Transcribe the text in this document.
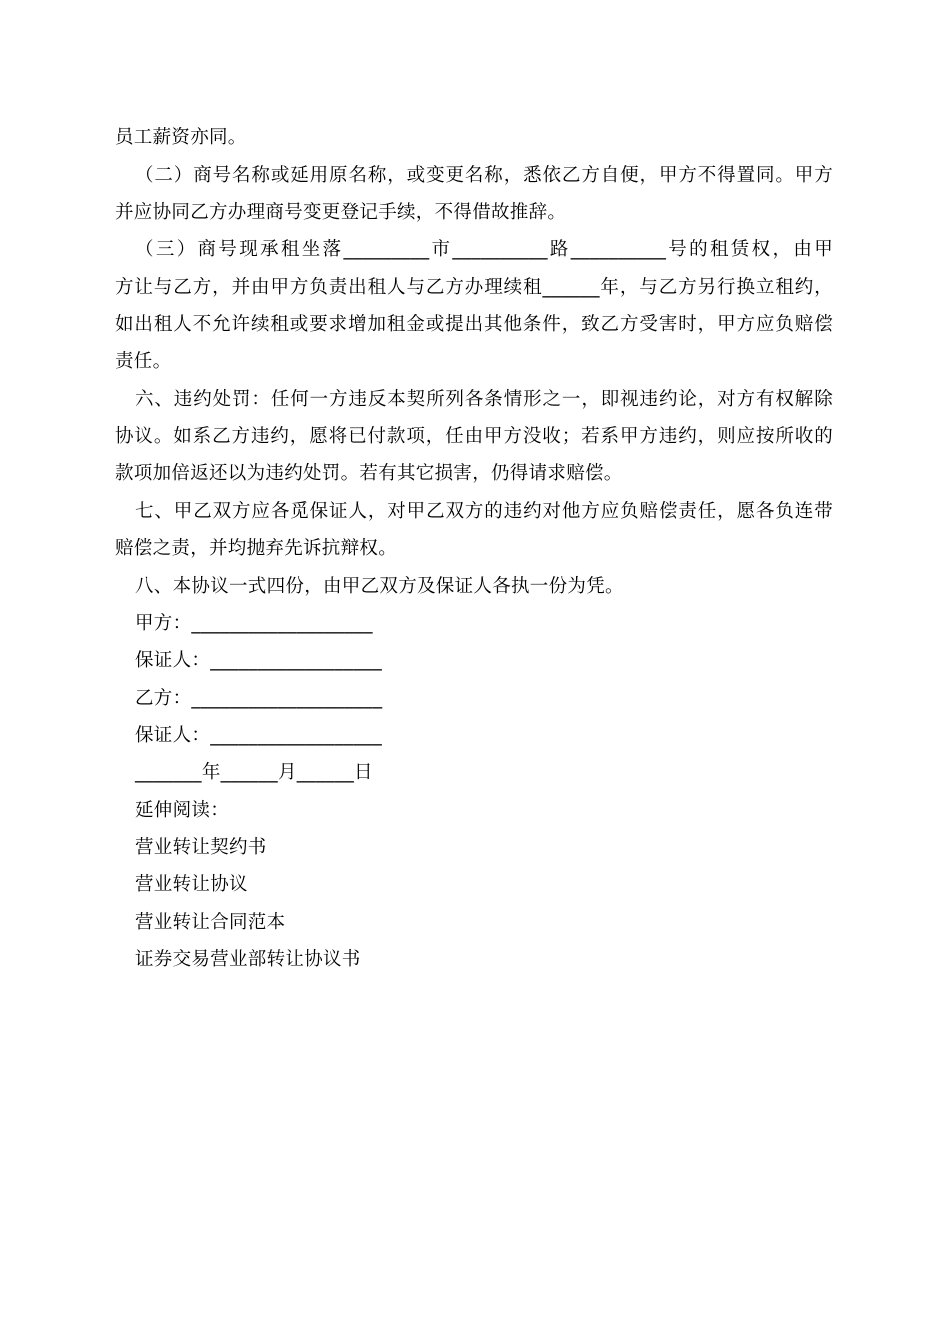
员工薪资亦同。
（二）商号名称或延用原名称，或变更名称，悉依乙方自便，甲方不得置同。甲方
并应协同乙方办理商号变更登记手续，不得借故推辞。
（三）商号现承租坐落_________市__________路__________号的租赁权，由甲
方让与乙方，并由甲方负责出租人与乙方办理续租______年，与乙方另行换立租约，
如出租人不允许续租或要求增加租金或提出其他条件，致乙方受害时，甲方应负赔偿
责任。
六、违约处罚：任何一方违反本契所列各条情形之一，即视违约论，对方有权解除
协议。如系乙方违约，愿将已付款项，任由甲方没收；若系甲方违约，则应按所收的
款项加倍返还以为违约处罚。若有其它损害，仍得请求赔偿。
七、甲乙双方应各觅保证人，对甲乙双方的违约对他方应负赔偿责任，愿各负连带
赔偿之责，并均抛弃先诉抗辩权。
八、本协议一式四份，由甲乙双方及保证人各执一份为凭。
甲方：___________________
保证人：__________________
乙方：____________________
保证人：__________________
_______年______月______日
延伸阅读：
营业转让契约书
营业转让协议
营业转让合同范本
证券交易营业部转让协议书
